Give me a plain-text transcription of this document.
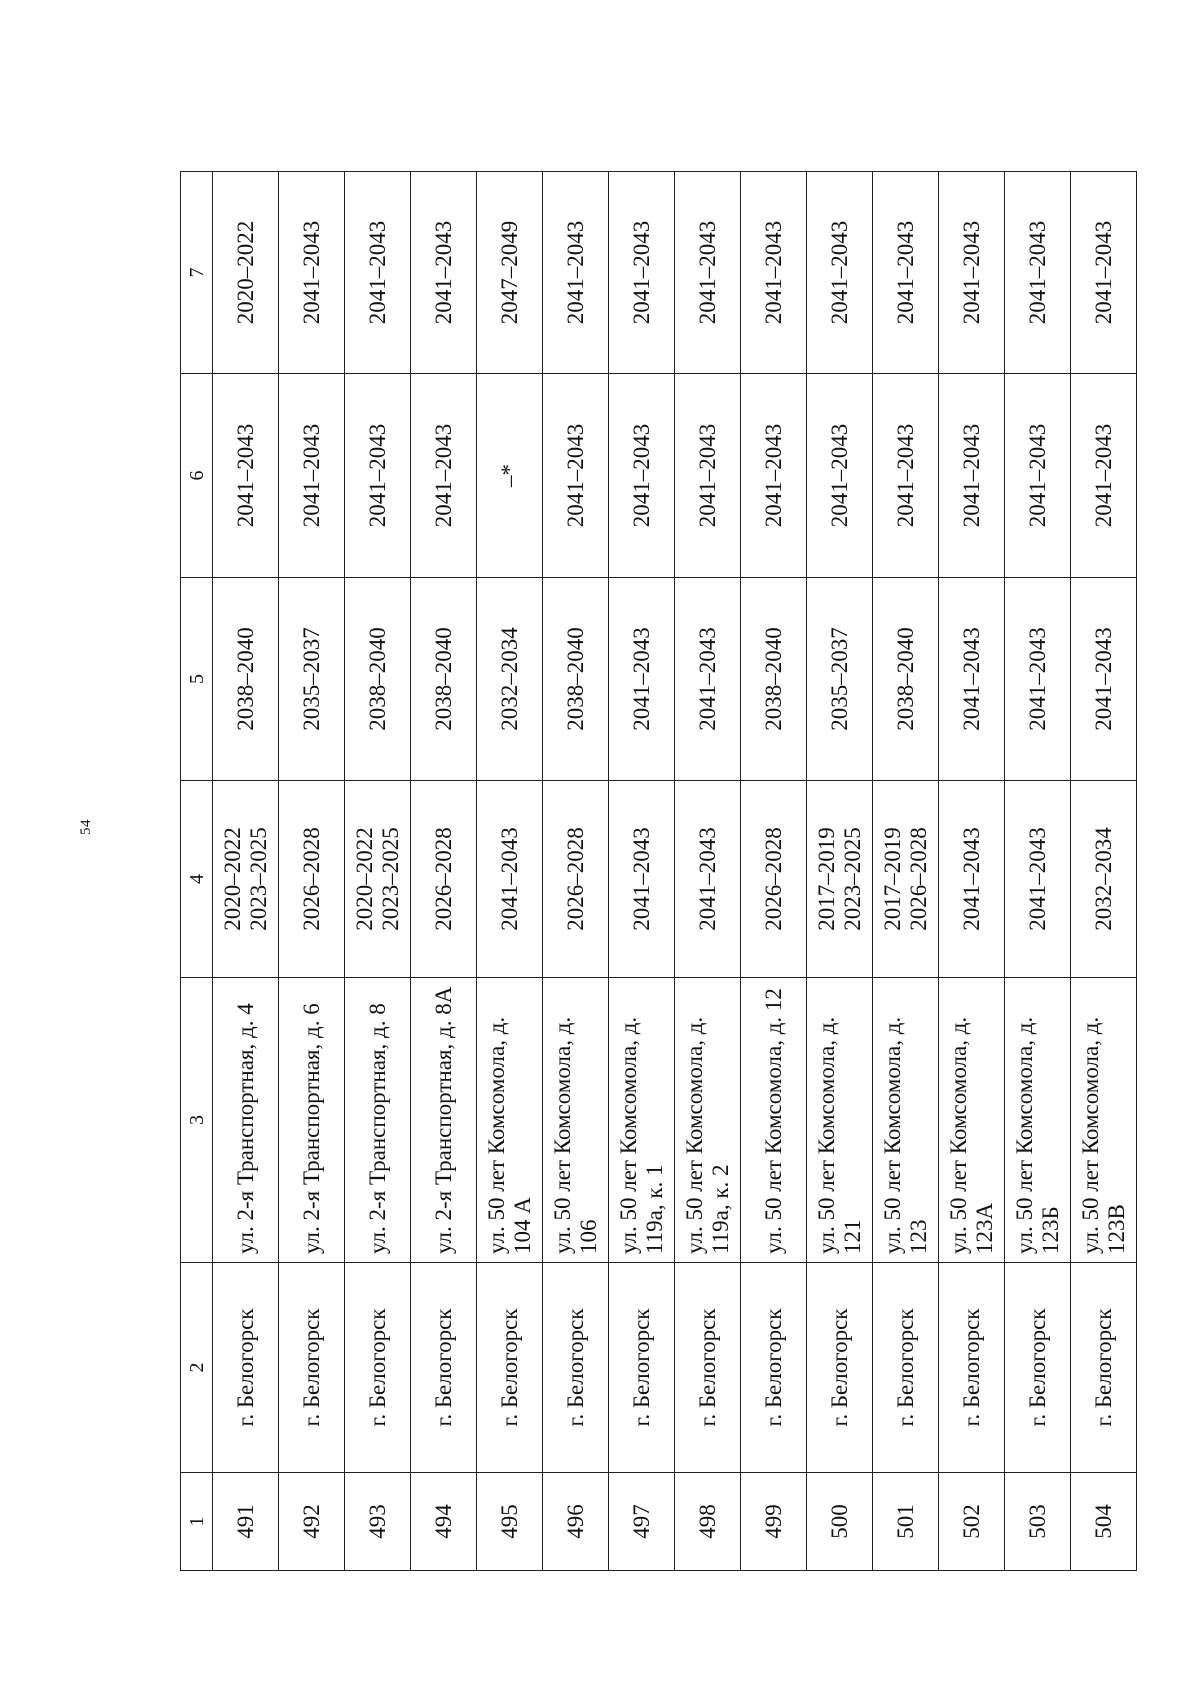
54
1	2	3	4	5	6	7
491	г. Белогорск	ул. 2-я Транспортная, д. 4	2020–2022 2023–2025	2038–2040	2041–2043	2020–2022
492	г. Белогорск	ул. 2-я Транспортная, д. 6	2026–2028	2035–2037	2041–2043	2041–2043
493	г. Белогорск	ул. 2-я Транспортная, д. 8	2020–2022 2023–2025	2038–2040	2041–2043	2041–2043
494	г. Белогорск	ул. 2-я Транспортная, д. 8А	2026–2028	2038–2040	2041–2043	2041–2043
495	г. Белогорск	ул. 50 лет Комсомола, д. 104 А	2041–2043	2032–2034	–*	2047–2049
496	г. Белогорск	ул. 50 лет Комсомола, д. 106	2026–2028	2038–2040	2041–2043	2041–2043
497	г. Белогорск	ул. 50 лет Комсомола, д. 119а, к. 1	2041–2043	2041–2043	2041–2043	2041–2043
498	г. Белогорск	ул. 50 лет Комсомола, д. 119а, к. 2	2041–2043	2041–2043	2041–2043	2041–2043
499	г. Белогорск	ул. 50 лет Комсомола, д. 12	2026–2028	2038–2040	2041–2043	2041–2043
500	г. Белогорск	ул. 50 лет Комсомола, д. 121	2017–2019 2023–2025	2035–2037	2041–2043	2041–2043
501	г. Белогорск	ул. 50 лет Комсомола, д. 123	2017–2019 2026–2028	2038–2040	2041–2043	2041–2043
502	г. Белогорск	ул. 50 лет Комсомола, д. 123А	2041–2043	2041–2043	2041–2043	2041–2043
503	г. Белогорск	ул. 50 лет Комсомола, д. 123Б	2041–2043	2041–2043	2041–2043	2041–2043
504	г. Белогорск	ул. 50 лет Комсомола, д. 123В	2032–2034	2041–2043	2041–2043	2041–2043
